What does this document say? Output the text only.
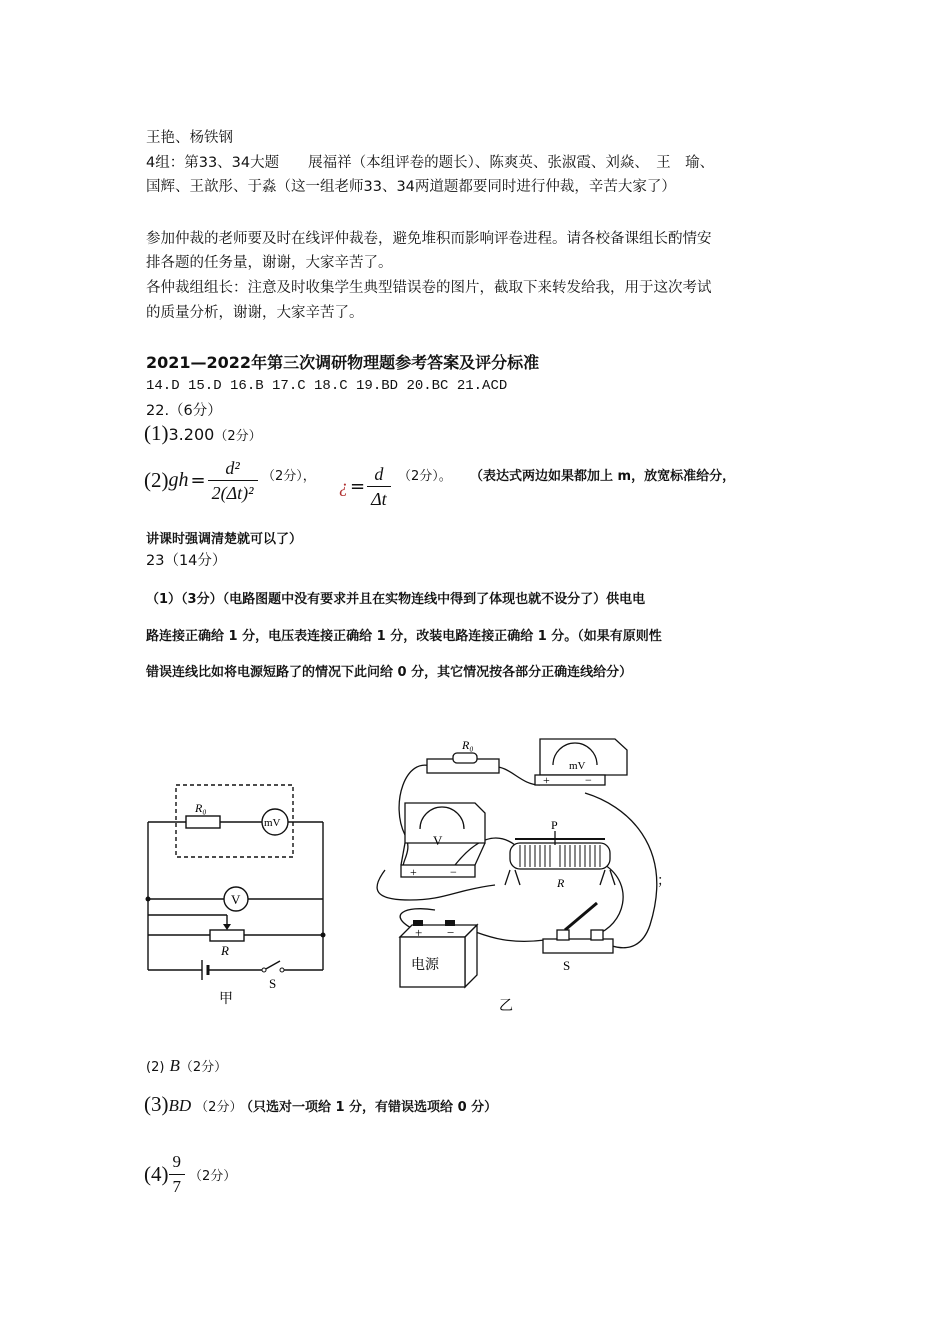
王艳、杨铁钢
4组：第33、34大题　　展福祥（本组评卷的题长）、陈爽英、张淑霞、刘焱、　王　瑜、
国辉、王歆彤、于淼（这一组老师33、34两道题都要同时进行仲裁，辛苦大家了）
参加仲裁的老师要及时在线评仲裁卷，避免堆积而影响评卷进程。请各校备课组长酌情安
排各题的任务量，谢谢，大家辛苦了。
各仲裁组组长：注意及时收集学生典型错误卷的图片，截取下来转发给我，用于这次考试
的质量分析，谢谢，大家辛苦了。
2021—2022年第三次调研物理题参考答案及评分标准
14.D 15.D 16.B 17.C 18.C 19.BD 20.BC 21.ACD
22.（6分）
(1)3.200（2分）
$(2)gh = \frac{\text{d²}}{\text{2(Δt)²}} (2$分）， ¿ = $\frac{d}{\Delta t} (2$分）。 （表达式两边如果都加上 m，放宽标准给分，
讲课时强调清楚就可以了）
23（14分）
（1）（3分）（电路图题中没有要求并且在实物连线中得到了体现也就不设分了）供电电
路连接正确给 1 分，电压表连接正确给 1 分，改装电路连接正确给 1 分。（如果有原则性
错误连线比如将电源短路了的情况下此问给 0 分，其它情况按各部分正确连线给分）
R₀
mV
V
R
S
甲
R₀
mV
+	−
V
+	−
P
R
S
+ −
电源
乙
；
(2) B（2分）
(3)BD （2分） （只选对一项给 1 分，有错误选项给 0 分）
$(4) \frac{9}{7} (2$分）
